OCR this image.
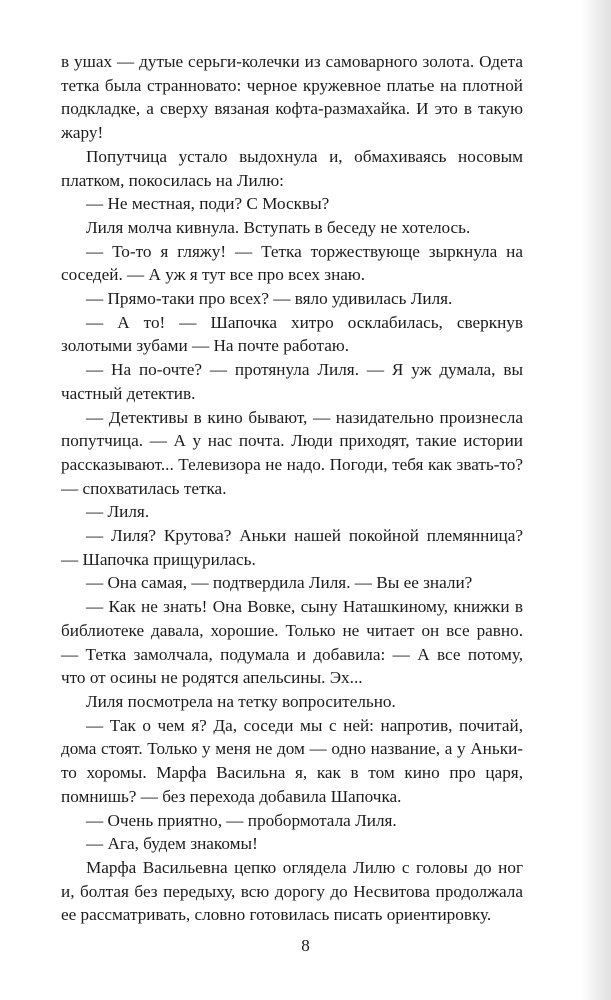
в ушах — дутые серьги-колечки из самоварного золота. Одета тетка была странновато: черное кружевное платье на плотной подкладке, а сверху вязаная кофта-размахайка. И это в такую жару!

Попутчица устало выдохнула и, обмахиваясь носовым платком, покосилась на Лилю:

— Не местная, поди? С Москвы?

Лиля молча кивнула. Вступать в беседу не хотелось.

— То-то я гляжу! — Тетка торжествующе зыркнула на соседей. — А уж я тут все про всех знаю.

— Прямо-таки про всех? — вяло удивилась Лиля.

— А то! — Шапочка хитро осклабилась, сверкнув золотыми зубами — На почте работаю.

— На по-очте? — протянула Лиля. — Я уж думала, вы частный детектив.

— Детективы в кино бывают, — назидательно произнесла попутчица. — А у нас почта. Люди приходят, такие истории рассказывают... Телевизора не надо. Погоди, тебя как звать-то? — спохватилась тетка.

— Лиля.

— Лиля? Крутова? Аньки нашей покойной племянница? — Шапочка прищурилась.

— Она самая, — подтвердила Лиля. — Вы ее знали?

— Как не знать! Она Вовке, сыну Наташкиному, книжки в библиотеке давала, хорошие. Только не читает он все равно. — Тетка замолчала, подумала и добавила: — А все потому, что от осины не родятся апельсины. Эх...

Лиля посмотрела на тетку вопросительно.

— Так о чем я? Да, соседи мы с ней: напротив, почитай, дома стоят. Только у меня не дом — одно название, а у Аньки-то хоромы. Марфа Васильна я, как в том кино про царя, помнишь? — без перехода добавила Шапочка.

— Очень приятно, — пробормотала Лиля.

— Ага, будем знакомы!

Марфа Васильевна цепко оглядела Лилю с головы до ног и, болтая без передыху, всю дорогу до Несвитова продолжала ее рассматривать, словно готовилась писать ориентировку.

8
